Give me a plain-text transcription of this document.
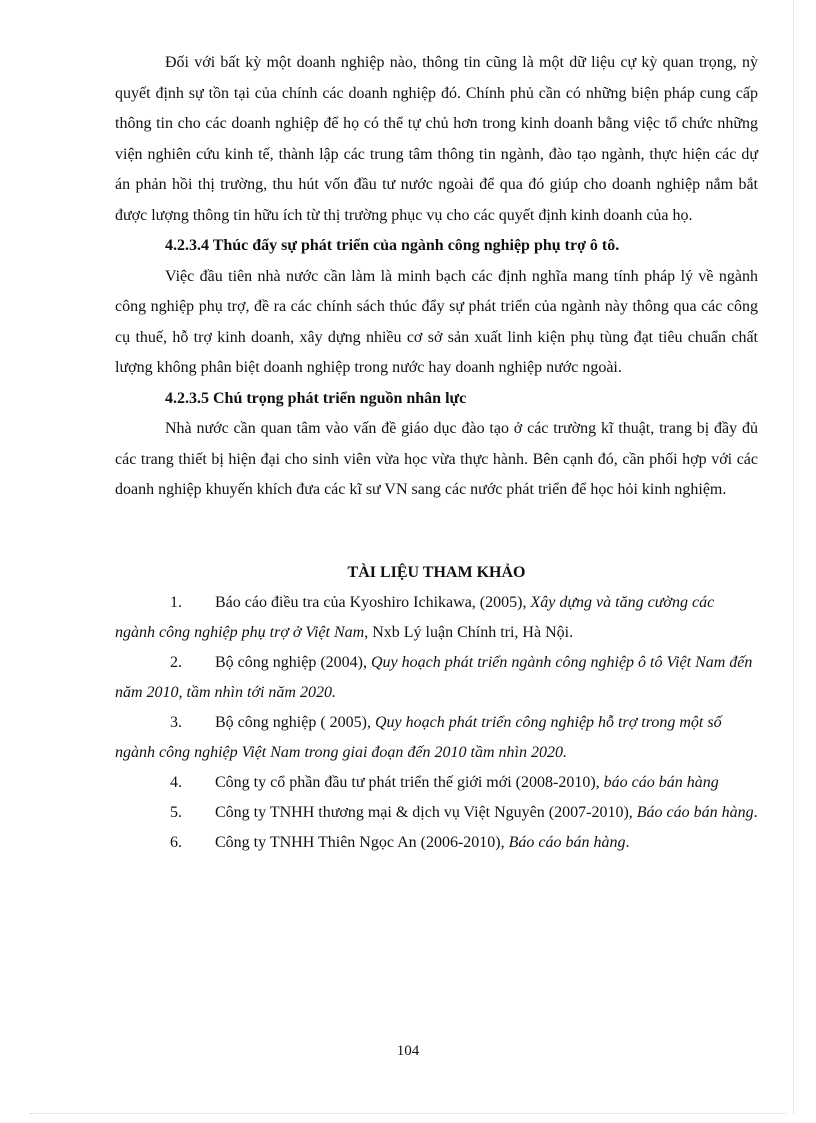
Đối với bất kỳ một doanh nghiệp nào, thông tin cũng là một dữ liệu cự kỳ quan trọng, nỳ quyết định sự tồn tại của chính các doanh nghiệp đó. Chính phủ cần có những biện pháp cung cấp thông tin cho các doanh nghiệp để họ có thể tự chủ hơn trong kinh doanh bằng việc tổ chức những viện nghiên cứu kinh tế, thành lập các trung tâm thông tin ngành, đào tạo ngành, thực hiện các dự án phản hồi thị trường, thu hút vốn đầu tư nước ngoài để qua đó giúp cho doanh nghiệp nắm bắt được lượng thông tin hữu ích từ thị trường phục vụ cho các quyết định kinh doanh của họ.

4.2.3.4 Thúc đẩy sự phát triển của ngành công nghiệp phụ trợ ô tô.

Việc đầu tiên nhà nước cần làm là minh bạch các định nghĩa mang tính pháp lý về ngành công nghiệp phụ trợ, đề ra các chính sách thúc đẩy sự phát triển của ngành này thông qua các công cụ thuế, hỗ trợ kinh doanh, xây dựng nhiều cơ sở sản xuất linh kiện phụ tùng đạt tiêu chuẩn chất lượng không phân biệt doanh nghiệp trong nước hay doanh nghiệp nước ngoài.

4.2.3.5 Chú trọng phát triển nguồn nhân lực

Nhà nước cần quan tâm vào vấn đề giáo dục đào tạo ở các trường kĩ thuật, trang bị đầy đủ các trang thiết bị hiện đại cho sinh viên vừa học vừa thực hành. Bên cạnh đó, cần phối hợp với các doanh nghiệp khuyến khích đưa các kĩ sư VN sang các nước phát triển để học hỏi kinh nghiệm.

TÀI LIỆU THAM KHẢO

1. Báo cáo điều tra của Kyoshiro Ichikawa, (2005), Xây dựng và tăng cường các ngành công nghiệp phụ trợ ở Việt Nam, Nxb Lý luận Chính tri, Hà Nội.

2. Bộ công nghiệp (2004), Quy hoạch phát triển ngành công nghiệp ô tô Việt Nam đến năm 2010, tầm nhìn tới năm 2020.

3. Bộ công nghiệp ( 2005), Quy hoạch phát triển công nghiệp hỗ trợ trong một số ngành công nghiệp Việt Nam trong giai đoạn đến 2010 tầm nhìn 2020.

4. Công ty cổ phần đầu tư phát triển thế giới mới (2008-2010), báo cáo bán hàng

5. Công ty TNHH thương mại & dịch vụ Việt Nguyên (2007-2010), Báo cáo bán hàng.

6. Công ty TNHH Thiên Ngọc An (2006-2010), Báo cáo bán hàng.

104
